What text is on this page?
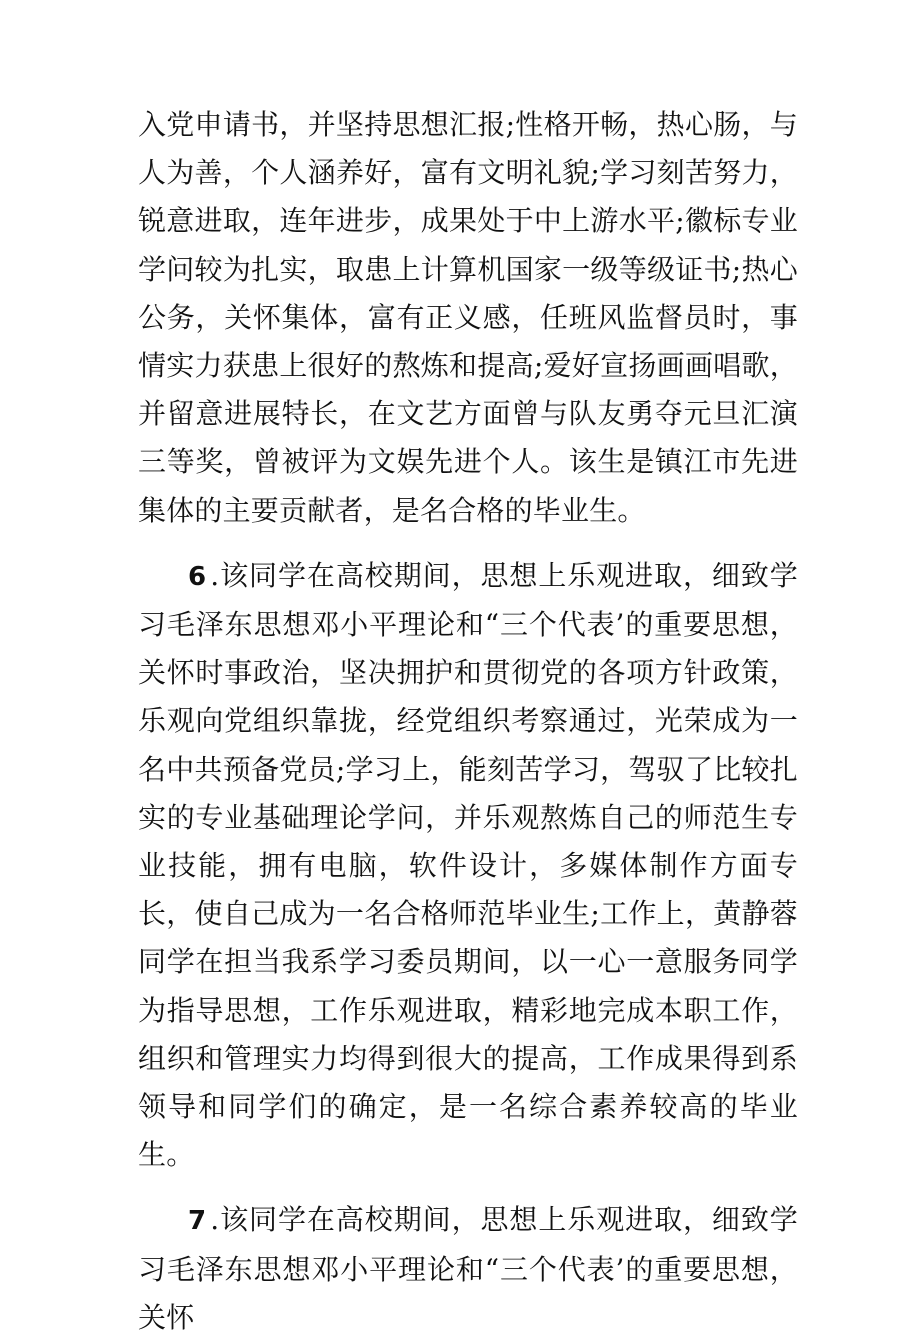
入党申请书，并坚持思想汇报;性格开畅，热心肠，与人为善，个人涵养好，富有文明礼貌;学习刻苦努力，锐意进取，连年进步，成果处于中上游水平;徽标专业学问较为扎实，取患上计算机国家一级等级证书;热心公务，关怀集体，富有正义感，任班风监督员时，事情实力获患上很好的熬炼和提高;爱好宣扬画画唱歌，并留意进展特长，在文艺方面曾与队友勇夺元旦汇演三等奖，曾被评为文娱先进个人。该生是镇江市先进集体的主要贡献者，是名合格的毕业生。

6 .该同学在高校期间，思想上乐观进取，细致学习毛泽东思想邓小平理论和“三个代表’的重要思想，关怀时事政治，坚决拥护和贯彻党的各项方针政策，乐观向党组织靠拢，经党组织考察通过，光荣成为一名中共预备党员;学习上，能刻苦学习，驾驭了比较扎实的专业基础理论学问，并乐观熬炼自己的师范生专业技能，拥有电脑，软件设计，多媒体制作方面专长，使自己成为一名合格师范毕业生;工作上，黄静蓉同学在担当我系学习委员期间，以一心一意服务同学为指导思想，工作乐观进取，精彩地完成本职工作，组织和管理实力均得到很大的提高，工作成果得到系领导和同学们的确定，是一名综合素养较高的毕业生。

7 .该同学在高校期间，思想上乐观进取，细致学习毛泽东思想邓小平理论和“三个代表’的重要思想，关怀
